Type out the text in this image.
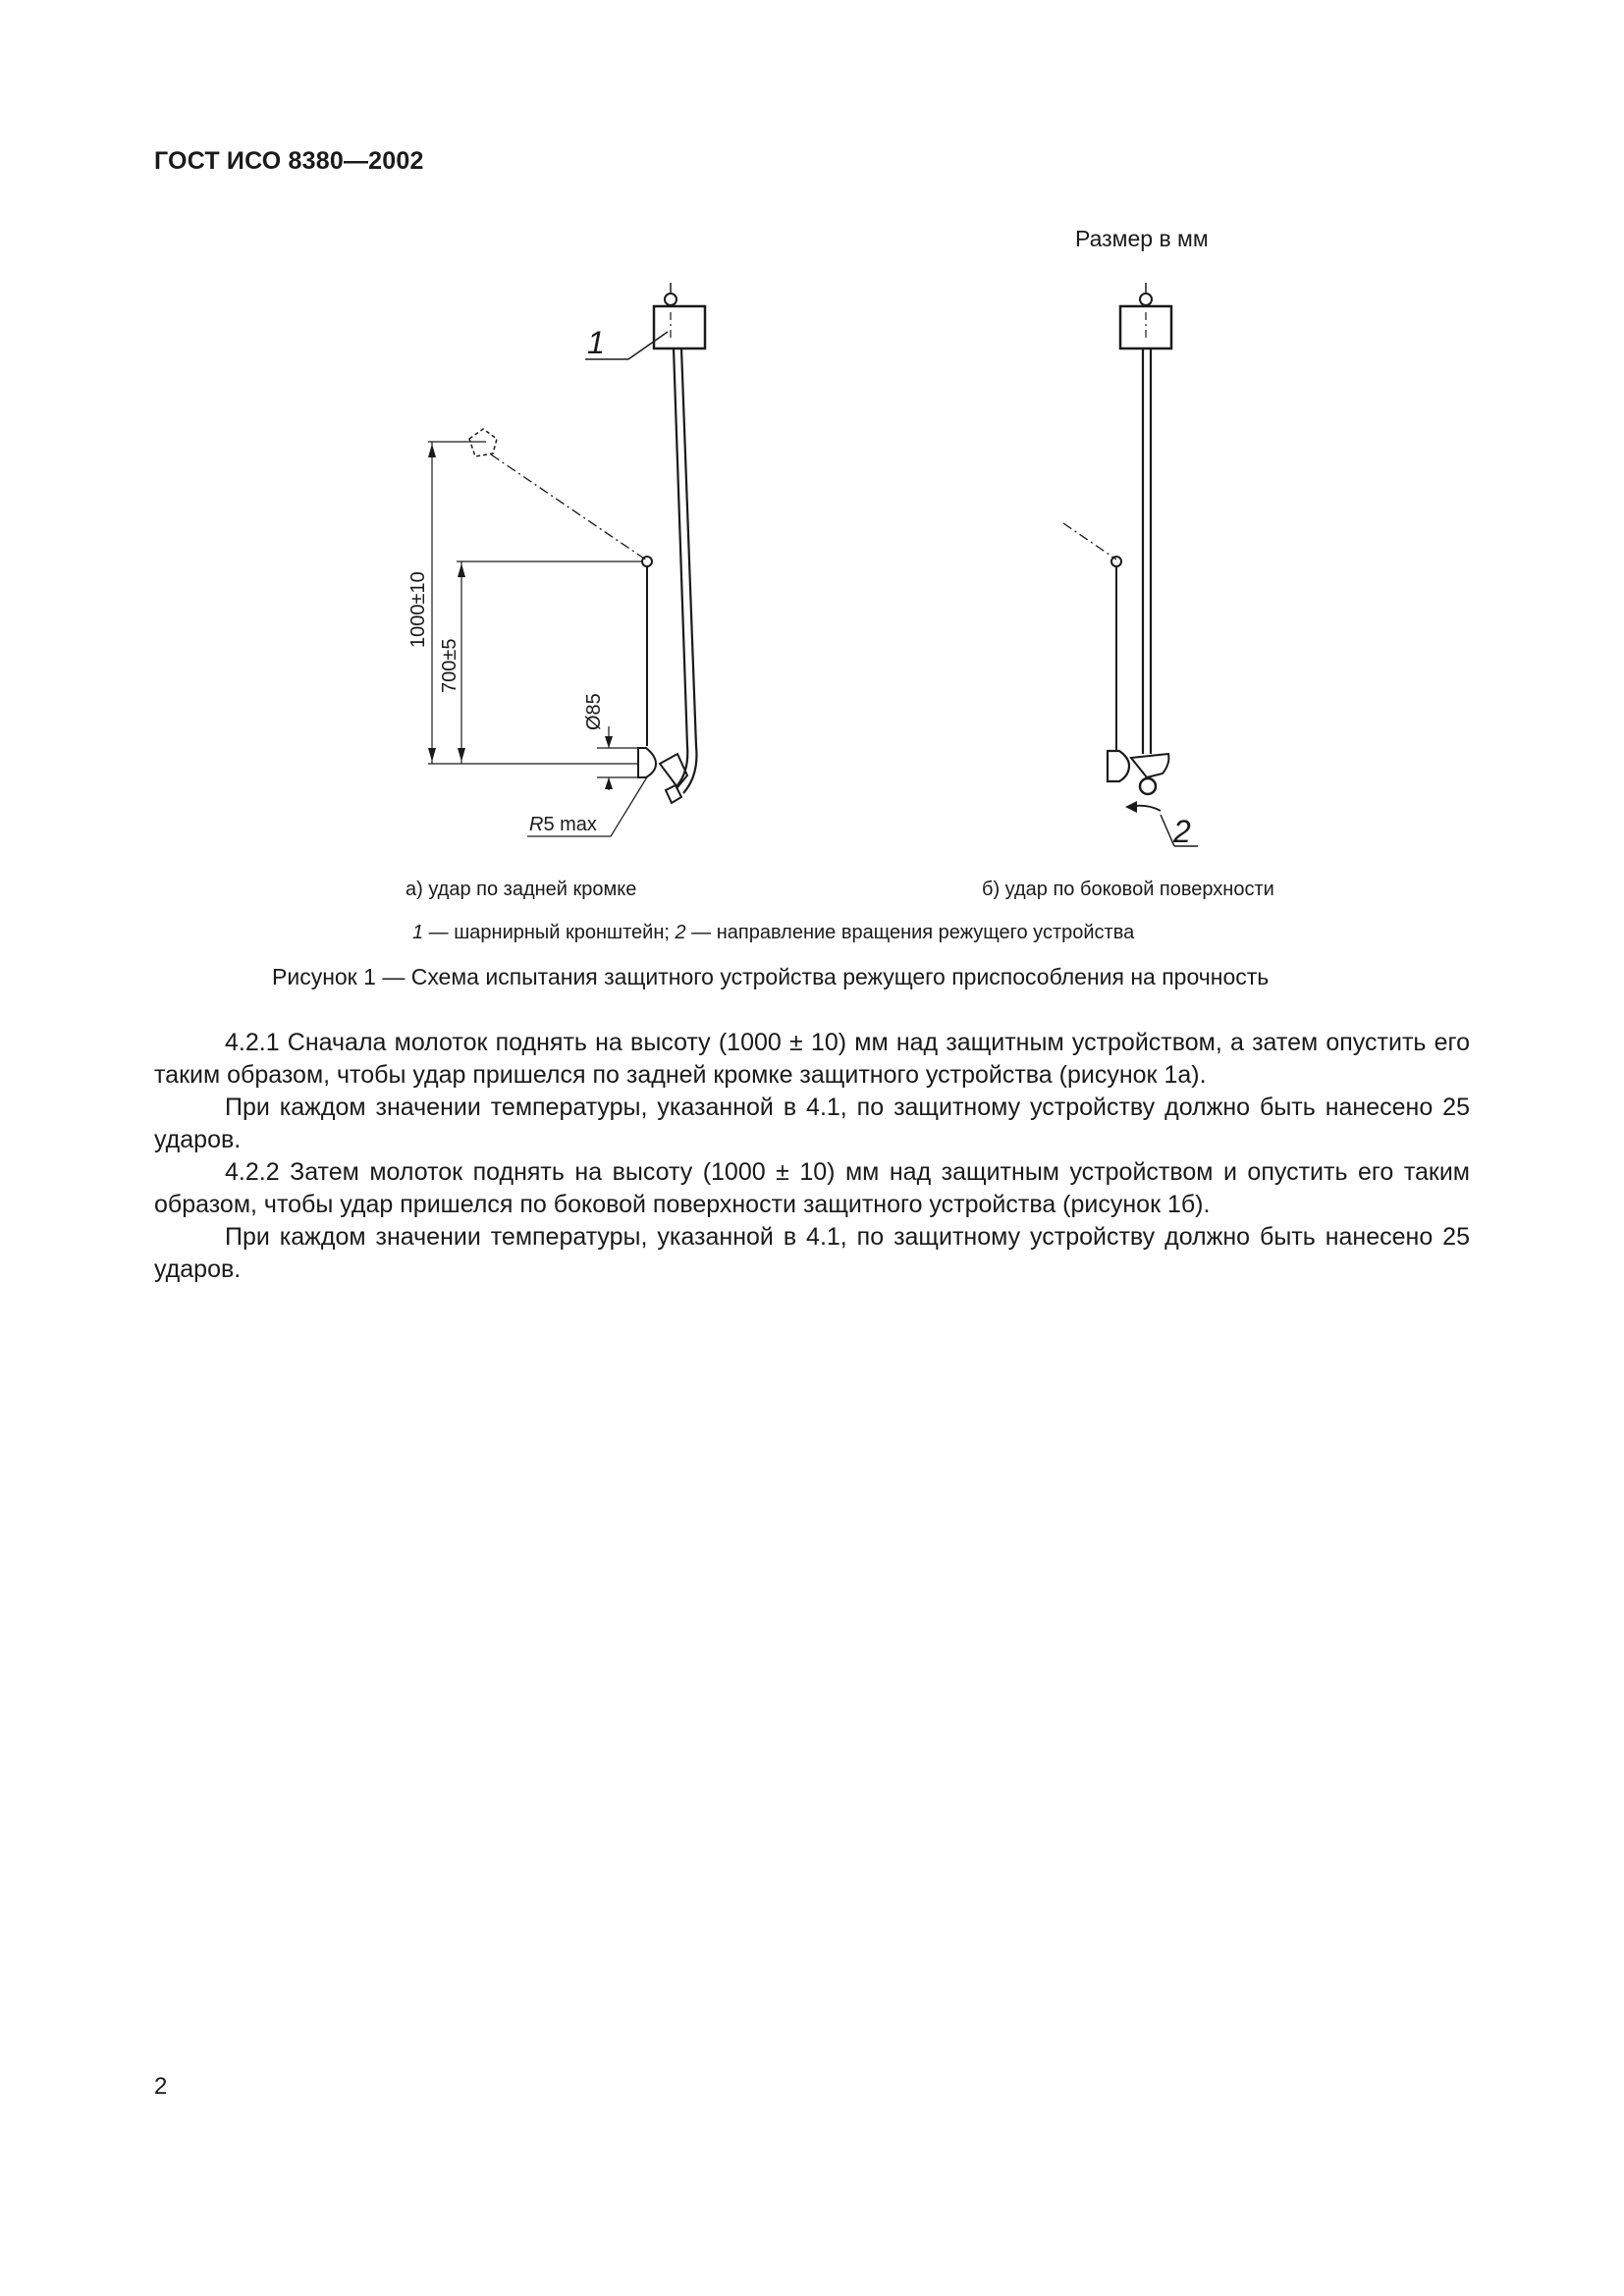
ГОСТ ИСО 8380—2002
Размер в мм
1
2
1000±10
700±5
Ø85
R5 max
а) удар по задней кромке	б) удар по боковой поверхности
1 — шарнирный кронштейн; 2 — направление вращения режущего устройства
Рисунок 1 — Схема испытания защитного устройства режущего приспособления на прочность

4.2.1 Сначала молоток поднять на высоту (1000 ± 10) мм над защитным устройством, а затем опустить его таким образом, чтобы удар пришелся по задней кромке защитного устройства (рисунок 1а).

При каждом значении температуры, указанной в 4.1, по защитному устройству должно быть нанесено 25 ударов.

4.2.2 Затем молоток поднять на высоту (1000 ± 10) мм над защитным устройством и опустить его таким образом, чтобы удар пришелся по боковой поверхности защитного устройства (рисунок 1б).

При каждом значении температуры, указанной в 4.1, по защитному устройству должно быть нанесено 25 ударов.

2
